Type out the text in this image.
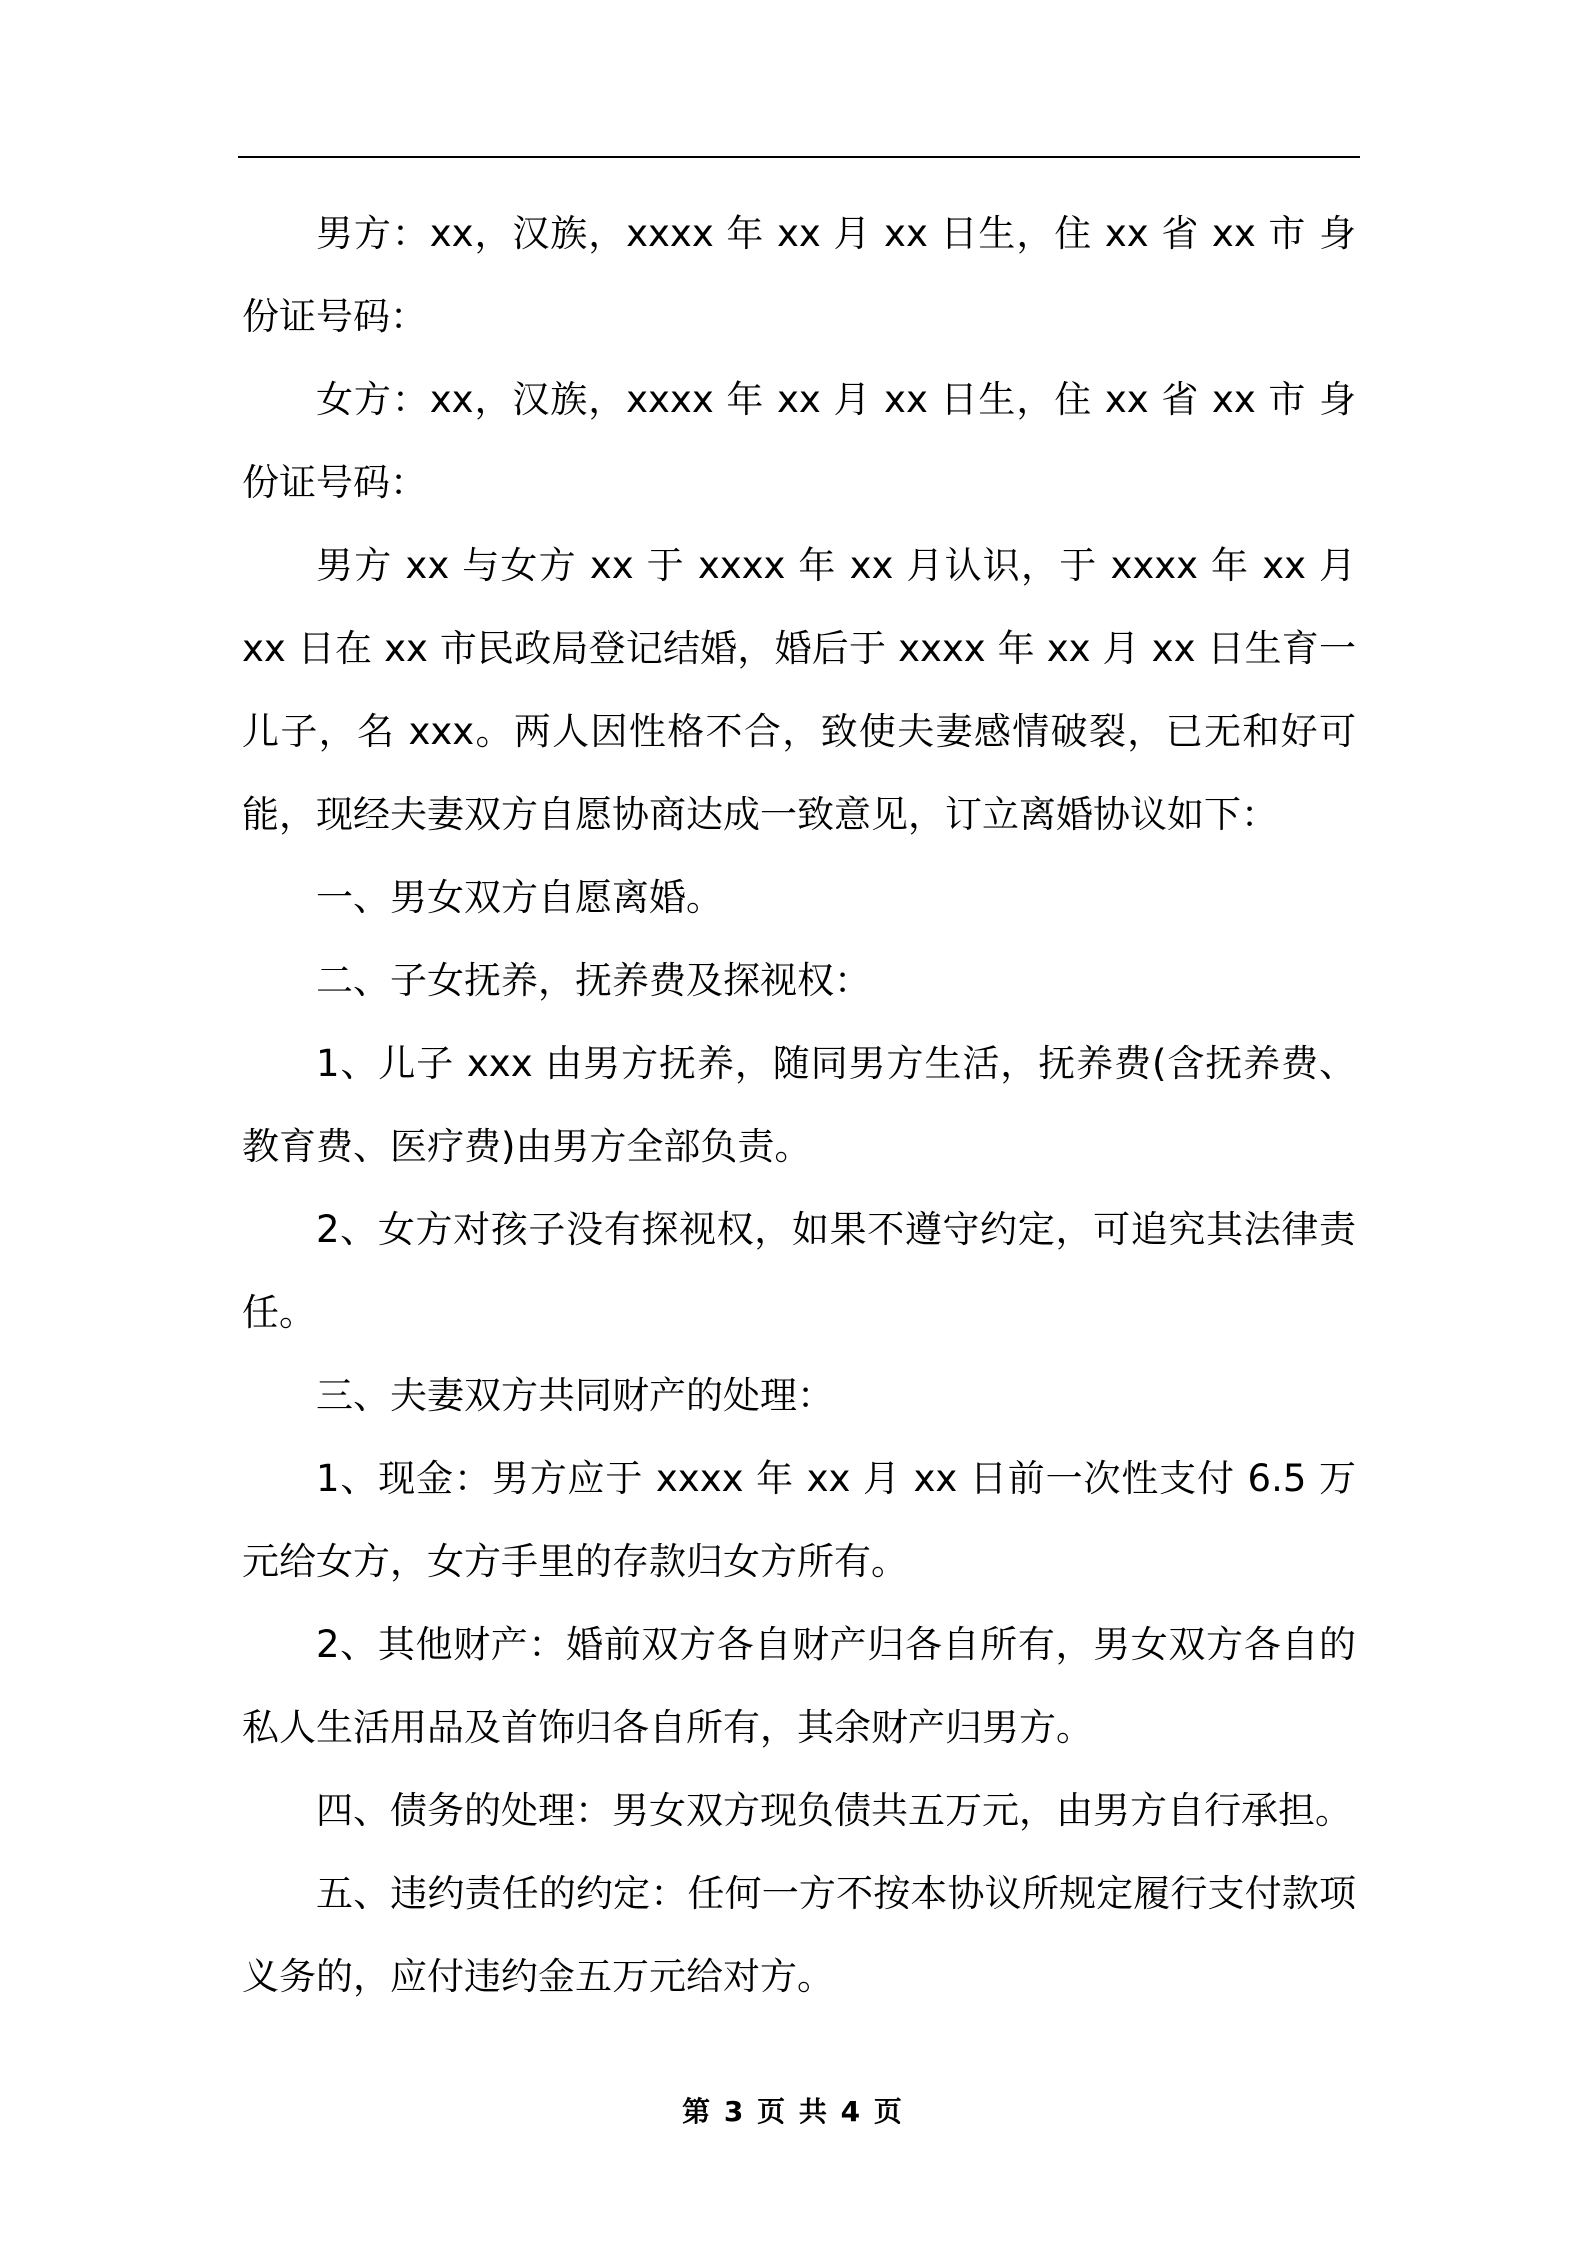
男方：xx，汉族，xxxx 年 xx 月 xx 日生，住 xx 省 xx 市 身份证号码：

女方：xx，汉族，xxxx 年 xx 月 xx 日生，住 xx 省 xx 市 身份证号码：

男方 xx 与女方 xx 于 xxxx 年 xx 月认识，于 xxxx 年 xx 月 xx 日在 xx 市民政局登记结婚，婚后于 xxxx 年 xx 月 xx 日生育一儿子，名 xxx。两人因性格不合，致使夫妻感情破裂，已无和好可能，现经夫妻双方自愿协商达成一致意见，订立离婚协议如下：

一、男女双方自愿离婚。

二、子女抚养，抚养费及探视权：

1、儿子 xxx 由男方抚养，随同男方生活，抚养费(含抚养费、教育费、医疗费)由男方全部负责。

2、女方对孩子没有探视权，如果不遵守约定，可追究其法律责任。

三、夫妻双方共同财产的处理：

1、现金：男方应于 xxxx 年 xx 月 xx 日前一次性支付 6.5 万元给女方，女方手里的存款归女方所有。

2、其他财产：婚前双方各自财产归各自所有，男女双方各自的私人生活用品及首饰归各自所有，其余财产归男方。

四、债务的处理：男女双方现负债共五万元，由男方自行承担。

五、违约责任的约定：任何一方不按本协议所规定履行支付款项义务的，应付违约金五万元给对方。

第 3 页 共 4 页
